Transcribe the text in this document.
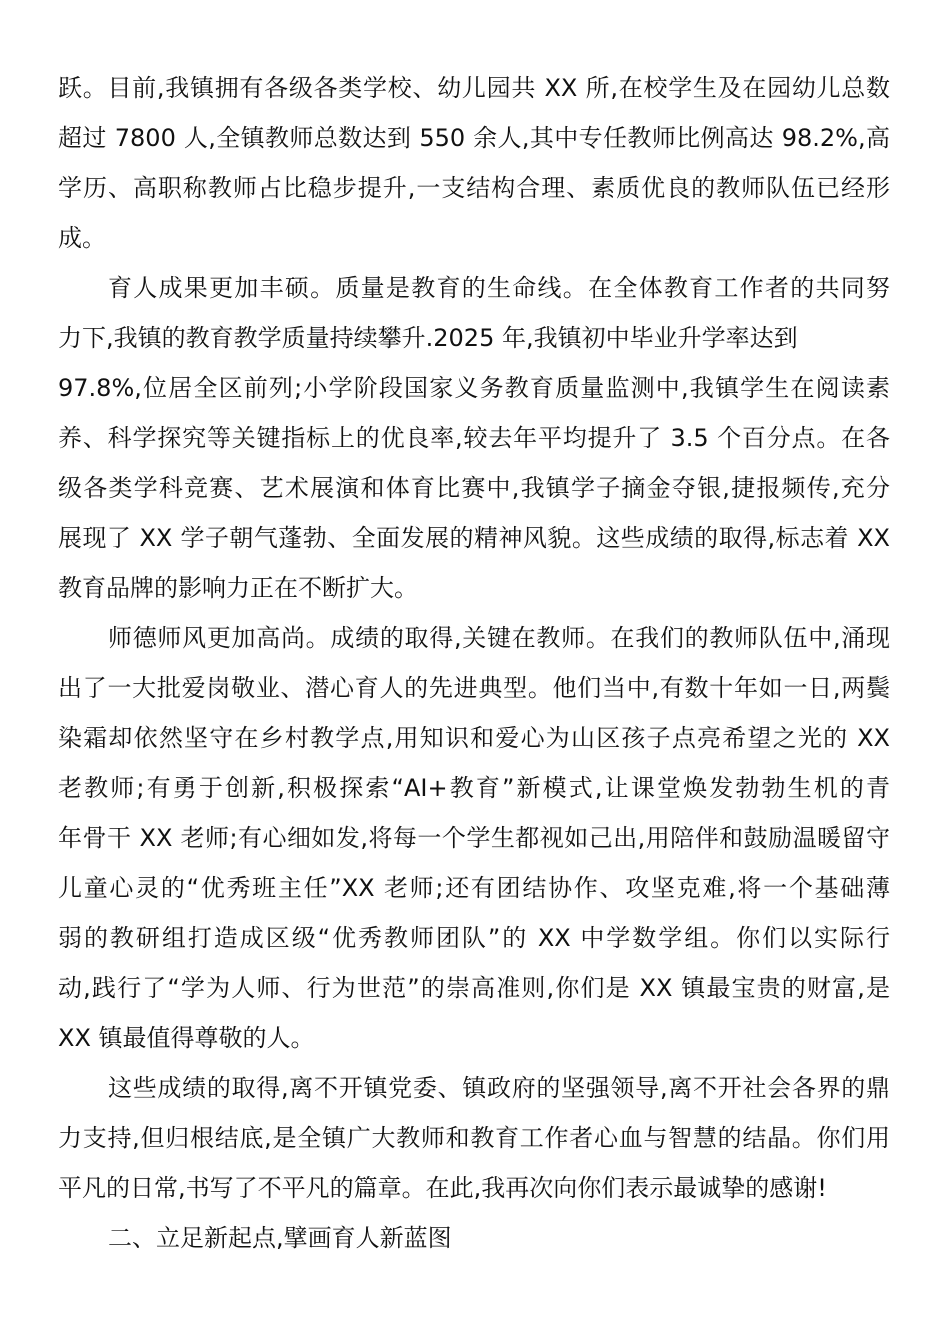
跃。目前,我镇拥有各级各类学校、幼儿园共 XX 所,在校学生及在园幼儿总数
超过 7800 人,全镇教师总数达到 550 余人,其中专任教师比例高达 98.2%,高
学历、高职称教师占比稳步提升,一支结构合理、素质优良的教师队伍已经形
成。
育人成果更加丰硕。质量是教育的生命线。在全体教育工作者的共同努
力下,我镇的教育教学质量持续攀升.2025 年,我镇初中毕业升学率达到
97.8%,位居全区前列;小学阶段国家义务教育质量监测中,我镇学生在阅读素
养、科学探究等关键指标上的优良率,较去年平均提升了 3.5 个百分点。在各
级各类学科竞赛、艺术展演和体育比赛中,我镇学子摘金夺银,捷报频传,充分
展现了 XX 学子朝气蓬勃、全面发展的精神风貌。这些成绩的取得,标志着 XX
教育品牌的影响力正在不断扩大。
师德师风更加高尚。成绩的取得,关键在教师。在我们的教师队伍中,涌现
出了一大批爱岗敬业、潜心育人的先进典型。他们当中,有数十年如一日,两鬓
染霜却依然坚守在乡村教学点,用知识和爱心为山区孩子点亮希望之光的 XX
老教师;有勇于创新,积极探索“AI+教育”新模式,让课堂焕发勃勃生机的青
年骨干 XX 老师;有心细如发,将每一个学生都视如己出,用陪伴和鼓励温暖留守
儿童心灵的“优秀班主任”XX 老师;还有团结协作、攻坚克难,将一个基础薄
弱的教研组打造成区级“优秀教师团队”的 XX 中学数学组。你们以实际行
动,践行了“学为人师、行为世范”的崇高准则,你们是 XX 镇最宝贵的财富,是
XX 镇最值得尊敬的人。
这些成绩的取得,离不开镇党委、镇政府的坚强领导,离不开社会各界的鼎
力支持,但归根结底,是全镇广大教师和教育工作者心血与智慧的结晶。你们用
平凡的日常,书写了不平凡的篇章。在此,我再次向你们表示最诚挚的感谢!
二、立足新起点,擘画育人新蓝图
